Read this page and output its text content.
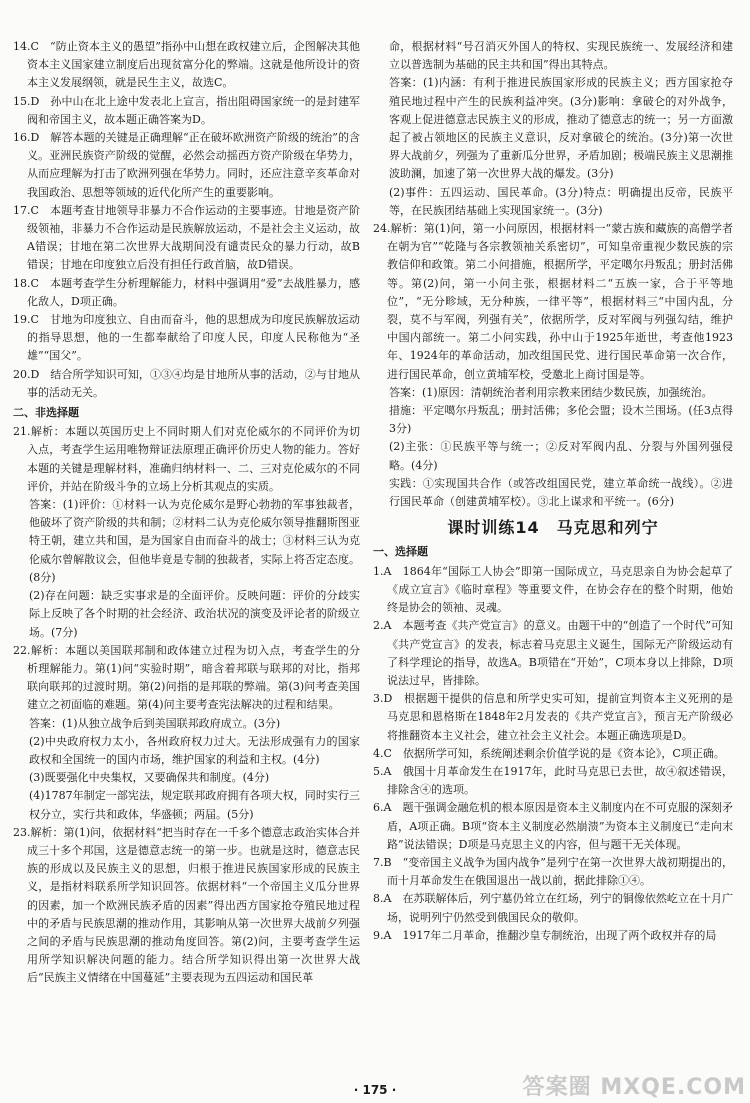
14.C　“防止资本主义的愚望”指孙中山想在政权建立后，企图解决其他资本主义国家建立制度后出现贫富分化的弊端。这就是他所设计的资本主义发展纲领，就是民生主义，故选C。

15.D　孙中山在北上途中发表北上宣言，指出阻碍国家统一的是封建军阀和帝国主义，故本题正确答案为D。

16.D　解答本题的关键是正确理解“正在破坏欧洲资产阶级的统治”的含义。亚洲民族资产阶级的觉醒，必然会动摇西方资产阶级在华势力，从而应理解为打击了欧洲列强在华势力。同时，还应注意辛亥革命对我国政治、思想等领域的近代化所产生的重要影响。

17.C　本题考查甘地领导非暴力不合作运动的主要事迹。甘地是资产阶级领袖，非暴力不合作运动是民族解放运动，不是社会主义运动，故A错误；甘地在第二次世界大战期间没有谴责民众的暴力行动，故B错误；甘地在印度独立后没有担任行政首脑，故D错误。

18.C　本题考查学生分析理解能力，材料中强调用“爱”去战胜暴力，感化敌人，D项正确。

19.C　甘地为印度独立、自由而奋斗，他的思想成为印度民族解放运动的指导思想，他的一生都奉献给了印度人民，印度人民称他为“圣雄”“国父”。

20.D　结合所学知识可知，①③④均是甘地所从事的活动，②与甘地从事的活动无关。

二、非选择题

21.解析：本题以英国历史上不同时期人们对克伦威尔的不同评价为切入点，考查学生运用唯物辩证法原理正确评价历史人物的能力。答好本题的关键是理解材料，准确归纳材料一、二、三对克伦威尔的不同评价，并站在阶级斗争的立场上分析其观点的实质。

答案：(1)评价：①材料一认为克伦威尔是野心勃勃的军事独裁者，他破坏了资产阶级的共和制；②材料二认为克伦威尔领导推翻斯图亚特王朝，建立共和国，是为国家自由而奋斗的战士；③材料三认为克伦威尔曾解散议会，但他毕竟是专制的独裁者，实际上将否定态度。(8分)

(2)存在问题：缺乏实事求是的全面评价。反映问题：评价的分歧实际上反映了各个时期的社会经济、政治状况的演变及评论者的阶级立场。(7分)

22.解析：本题以美国联邦制和政体建立过程为切入点，考查学生的分析理解能力。第(1)问“实验时期”，暗含着邦联与联邦的对比，指邦联向联邦的过渡时期。第(2)问指的是邦联的弊端。第(3)问考查美国建立之初面临的难题。第(4)问主要考查宪法解决的过程和结果。

答案：(1)从独立战争后到美国联邦政府成立。(3分)

(2)中央政府权力太小，各州政府权力过大。无法形成强有力的国家政权和全国统一的国内市场，维护国家的利益和主权。(4分)

(3)既要强化中央集权，又要确保共和制度。(4分)

(4)1787年制定一部宪法，规定联邦政府拥有各项大权，同时实行三权分立，实行共和政体，华盛顿；两届。(5分)

23.解析：第(1)问，依据材料“把当时存在一千多个德意志政治实体合并成三十多个邦国，这是德意志统一的第一步。也就是这时，德意志民族的形成以及民族主义的思想，归根于推进民族国家形成的民族主义，是指材料联系所学知识回答。依据材料“一个帝国主义瓜分世界的因素，加一个欧洲民族矛盾的因素”得出西方国家抢夺殖民地过程中的矛盾与民族思潮的推动作用，其影响从第一次世界大战前夕列强之间的矛盾与民族思潮的推动角度回答。第(2)问，主要考查学生运用所学知识解决问题的能力。结合所学知识得出第一次世界大战后“民族主义情绪在中国蔓延”主要表现为五四运动和国民革

命，根据材料“号召消灭外国人的特权、实现民族统一、发展经济和建立以普选制为基础的民主共和国”得出其特点。

答案：(1)内涵：有利于推进民族国家形成的民族主义；西方国家抢夺殖民地过程中产生的民族利益冲突。(3分)影响：拿破仑的对外战争，客观上促进德意志民族主义的形成，推动了德意志的统一；另一方面激起了被占领地区的民族主义意识，反对拿破仑的统治。(3分)第一次世界大战前夕，列强为了重新瓜分世界，矛盾加剧；极端民族主义思潮推波助澜，加速了第一次世界大战的爆发。(3分)

(2)事件：五四运动、国民革命。(3分)特点：明确提出反帝，民族平等，在民族团结基础上实现国家统一。(3分)

24.解析：第(1)问，第一小问原因，根据材料一“蒙古族和藏族的高僧学者在朝为官”“乾隆与各宗教领袖关系密切”，可知皇帝重视少数民族的宗教信仰和政策。第二小问措施，根据所学，平定噶尔丹叛乱；册封活佛等。第(2)问，第一小问主张，根据材料二“五族一家，合于平等地位”，“无分畛域，无分种族，一律平等”，根据材料三“中国内乱，分裂，莫不与军阀，列强有关”，依据所学，反对军阀与列强勾结，维护中国内部统一。第二小问实践，孙中山于1925年逝世，考查他1923年、1924年的革命活动，加改组国民党、进行国民革命第一次合作，进行国民革命，创立黄埔军校，受邀北上商讨国是等。

答案：(1)原因：清朝统治者利用宗教来团结少数民族，加强统治。

措施：平定噶尔丹叛乱；册封活佛；多伦会盟；设木兰围场。(任3点得3分)

(2)主张：①民族平等与统一；②反对军阀内乱、分裂与外国列强侵略。(4分)

实践：①实现国共合作（或答改组国民党，建立革命统一战线）。②进行国民革命（创建黄埔军校）。③北上谋求和平统一。(6分)

课时训练14　马克思和列宁

一、选择题

1.A　1864年“国际工人协会”即第一国际成立，马克思亲自为协会起草了《成立宣言》《临时章程》等重要文件，在协会存在的整个时期，他始终是协会的领袖、灵魂。

2.A　本题考查《共产党宣言》的意义。由题干中的“创造了一个时代”可知《共产党宣言》的发表，标志着马克思主义诞生，国际无产阶级运动有了科学理论的指导，故选A。B项错在“开始”，C项本身以上排除，D项说法过早，皆排除。

3.D　根据题干提供的信息和所学史实可知，提前宣判资本主义死刑的是马克思和恩格斯在1848年2月发表的《共产党宣言》，预言无产阶级必将推翻资本主义社会，建立社会主义社会。本题正确选项是D。

4.C　依据所学可知，系统阐述剩余价值学说的是《资本论》，C项正确。

5.A　俄国十月革命发生在1917年，此时马克思已去世，故④叙述错误，排除含④的选项。

6.A　题干强调金融危机的根本原因是资本主义制度内在不可克服的深刻矛盾，A项正确。B项“资本主义制度必然崩溃”为资本主义制度已“走向末路”说法错误；D项是马克思主义的内容，但与题干无关体现。

7.B　“变帝国主义战争为国内战争”是列宁在第一次世界大战初期提出的，而十月革命发生在俄国退出一战以前，据此排除①④。

8.A　在苏联解体后，列宁墓仍耸立在红场，列宁的铜像依然屹立在十月广场，说明列宁仍然受到俄国民众的敬仰。

9.A　1917年二月革命，推翻沙皇专制统治，出现了两个政权并存的局

· 175 ·	答案圈 MXQE.COM
